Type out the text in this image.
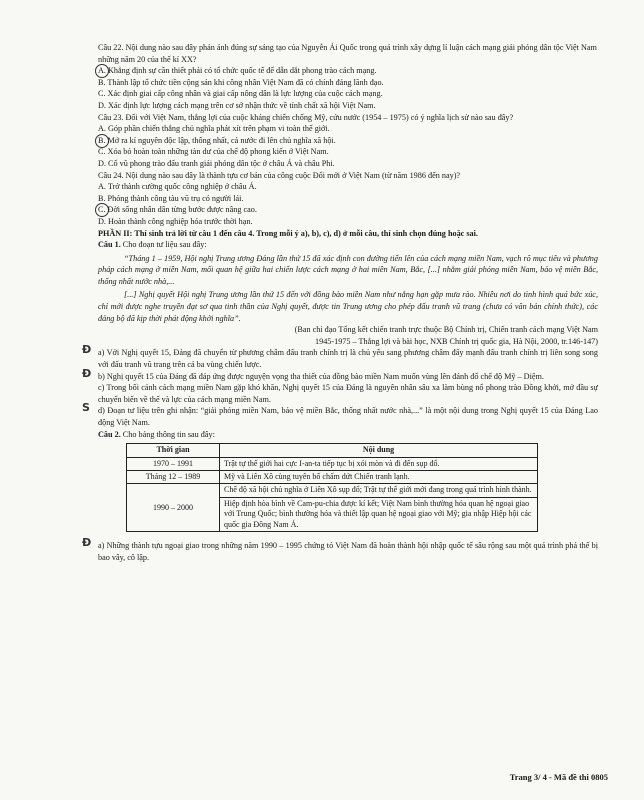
Câu 22. Nội dung nào sau đây phản ánh đúng sự sáng tạo của Nguyễn Ái Quốc trong quá trình xây dựng lí luận cách mạng giải phóng dân tộc Việt Nam những năm 20 của thế kỉ XX?

A. Khẳng định sự cần thiết phải có tổ chức quốc tế để dẫn dắt phong trào cách mạng.

B. Thành lập tổ chức tiền cộng sản khi công nhân Việt Nam đã có chính đảng lãnh đạo.

C. Xác định giai cấp công nhân và giai cấp nông dân là lực lượng của cuộc cách mạng.

D. Xác định lực lượng cách mạng trên cơ sở nhận thức về tính chất xã hội Việt Nam.

Câu 23. Đối với Việt Nam, thắng lợi của cuộc kháng chiến chống Mỹ, cứu nước (1954 – 1975) có ý nghĩa lịch sử nào sau đây?

A. Góp phần chiến thắng chủ nghĩa phát xít trên phạm vi toàn thế giới.

B. Mở ra kỉ nguyên độc lập, thống nhất, cả nước đi lên chủ nghĩa xã hội.

C. Xóa bỏ hoàn toàn những tàn dư của chế độ phong kiến ở Việt Nam.

D. Cổ vũ phong trào đấu tranh giải phóng dân tộc ở châu Á và châu Phi.

Câu 24. Nội dung nào sau đây là thành tựu cơ bản của công cuộc Đổi mới ở Việt Nam (từ năm 1986 đến nay)?

A. Trở thành cường quốc công nghiệp ở châu Á.

B. Phóng thành công tàu vũ trụ có người lái.

C. Đời sống nhân dân từng bước được nâng cao.

D. Hoàn thành công nghiệp hóa trước thời hạn.

PHẦN II: Thí sinh trả lời từ câu 1 đến câu 4. Trong mỗi ý a), b), c), d) ở mỗi câu, thí sinh chọn đúng hoặc sai.

Câu 1. Cho đoạn tư liệu sau đây:

“Tháng 1 – 1959, Hội nghị Trung ương Đảng lần thứ 15 đã xác định con đường tiến lên của cách mạng miền Nam, vạch rõ mục tiêu và phương pháp cách mạng ở miền Nam, mối quan hệ giữa hai chiến lược cách mạng ở hai miền Nam, Bắc, [...] nhằm giải phóng miền Nam, bảo vệ miền Bắc, thống nhất nước nhà,...

[...] Nghị quyết Hội nghị Trung ương lần thứ 15 đến với đồng bào miền Nam như nắng hạn gặp mưa rào. Nhiều nơi do tình hình quá bức xúc, chỉ mới được nghe truyền đạt sơ qua tinh thần của Nghị quyết, được tin Trung ương cho phép đấu tranh vũ trang (chưa có văn bản chính thức), các đảng bộ đã kịp thời phát động khởi nghĩa”.

(Ban chỉ đạo Tổng kết chiến tranh trực thuộc Bộ Chính trị, Chiến tranh cách mạng Việt Nam

1945-1975 – Thắng lợi và bài học, NXB Chính trị quốc gia, Hà Nội, 2000, tr.146-147)

Đ a) Với Nghị quyết 15, Đảng đã chuyển từ phương châm đấu tranh chính trị là chủ yếu sang phương châm đấy mạnh đấu tranh chính trị liên song song với đấu tranh vũ trang trên cả ba vùng chiến lược.

Đ b) Nghị quyết 15 của Đảng đã đáp ứng được nguyện vọng tha thiết của đồng bào miền Nam muốn vùng lên đánh đổ chế độ Mỹ – Diệm.

c) Trong bối cảnh cách mạng miền Nam gặp khó khăn, Nghị quyết 15 của Đảng là nguyên nhân sâu xa làm bùng nổ phong trào Đồng khởi, mở đầu sự chuyển biến về thế và lực của cách mạng miền Nam.

S d) Đoạn tư liệu trên ghi nhận: “giải phóng miền Nam, bảo vệ miền Bắc, thống nhất nước nhà,...” là một nội dung trong Nghị quyết 15 của Đảng Lao động Việt Nam.

Câu 2. Cho bảng thông tin sau đây:

Thời gian	Nội dung
1970 – 1991	Trật tự thế giới hai cực I-an-ta tiếp tục bị xói mòn và đi đến sụp đổ.
Tháng 12 – 1989	Mỹ và Liên Xô cùng tuyên bố chấm dứt Chiến tranh lạnh.
1990 – 2000	Chế độ xã hội chủ nghĩa ở Liên Xô sụp đổ; Trật tự thế giới mới đang trong quá trình hình thành.
	Hiệp định hòa bình về Cam-pu-chia được kí kết; Việt Nam bình thường hóa quan hệ ngoại giao với Trung Quốc; bình thường hóa và thiết lập quan hệ ngoại giao với Mỹ; gia nhập Hiệp hội các quốc gia Đông Nam Á.

Đ a) Những thành tựu ngoại giao trong những năm 1990 – 1995 chứng tỏ Việt Nam đã hoàn thành hội nhập quốc tế sâu rộng sau một quá trình phá thế bị bao vây, cô lập.

Trang 3/ 4 - Mã đề thi 0805
